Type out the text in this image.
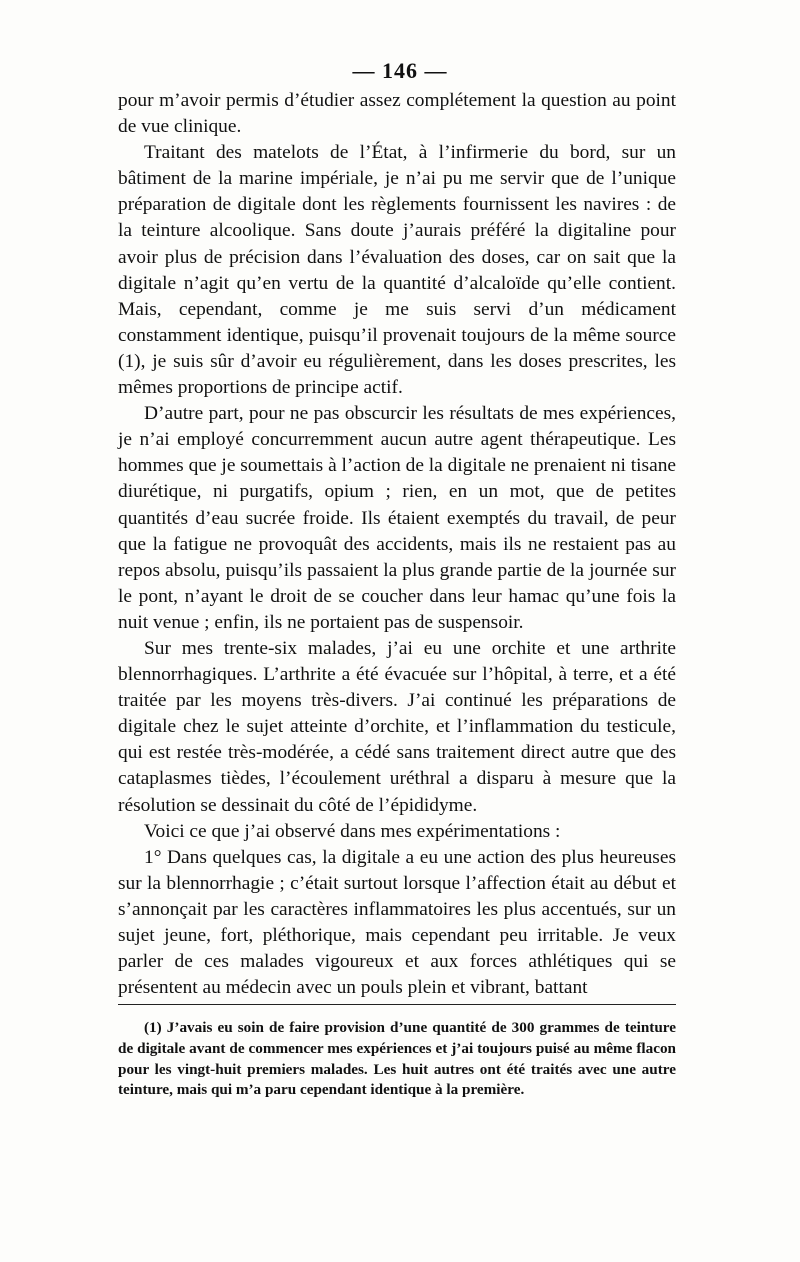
— 146 —

pour m’avoir permis d’étudier assez complétement la question au point de vue clinique.

Traitant des matelots de l’État, à l’infirmerie du bord, sur un bâtiment de la marine impériale, je n’ai pu me servir que de l’unique préparation de digitale dont les règlements fournissent les navires : de la teinture alcoolique. Sans doute j’aurais préféré la digitaline pour avoir plus de précision dans l’évaluation des doses, car on sait que la digitale n’agit qu’en vertu de la quantité d’alcaloïde qu’elle contient. Mais, cependant, comme je me suis servi d’un médicament constamment identique, puisqu’il provenait toujours de la même source (1), je suis sûr d’avoir eu régulièrement, dans les doses prescrites, les mêmes proportions de principe actif.

D’autre part, pour ne pas obscurcir les résultats de mes expériences, je n’ai employé concurremment aucun autre agent thérapeutique. Les hommes que je soumettais à l’action de la digitale ne prenaient ni tisane diurétique, ni purgatifs, opium ; rien, en un mot, que de petites quantités d’eau sucrée froide. Ils étaient exemptés du travail, de peur que la fatigue ne provoquât des accidents, mais ils ne restaient pas au repos absolu, puisqu’ils passaient la plus grande partie de la journée sur le pont, n’ayant le droit de se coucher dans leur hamac qu’une fois la nuit venue ; enfin, ils ne portaient pas de suspensoir.

Sur mes trente-six malades, j’ai eu une orchite et une arthrite blennorrhagiques. L’arthrite a été évacuée sur l’hôpital, à terre, et a été traitée par les moyens très-divers. J’ai continué les préparations de digitale chez le sujet atteinte d’orchite, et l’inflammation du testicule, qui est restée très-modérée, a cédé sans traitement direct autre que des cataplasmes tièdes, l’écoulement uréthral a disparu à mesure que la résolution se dessinait du côté de l’épididyme.

Voici ce que j’ai observé dans mes expérimentations :

1° Dans quelques cas, la digitale a eu une action des plus heureuses sur la blennorrhagie ; c’était surtout lorsque l’affection était au début et s’annonçait par les caractères inflammatoires les plus accentués, sur un sujet jeune, fort, pléthorique, mais cependant peu irritable. Je veux parler de ces malades vigoureux et aux forces athlétiques qui se présentent au médecin avec un pouls plein et vibrant, battant

(1) J’avais eu soin de faire provision d’une quantité de 300 grammes de teinture de digitale avant de commencer mes expériences et j’ai toujours puisé au même flacon pour les vingt-huit premiers malades. Les huit autres ont été traités avec une autre teinture, mais qui m’a paru cependant identique à la première.
